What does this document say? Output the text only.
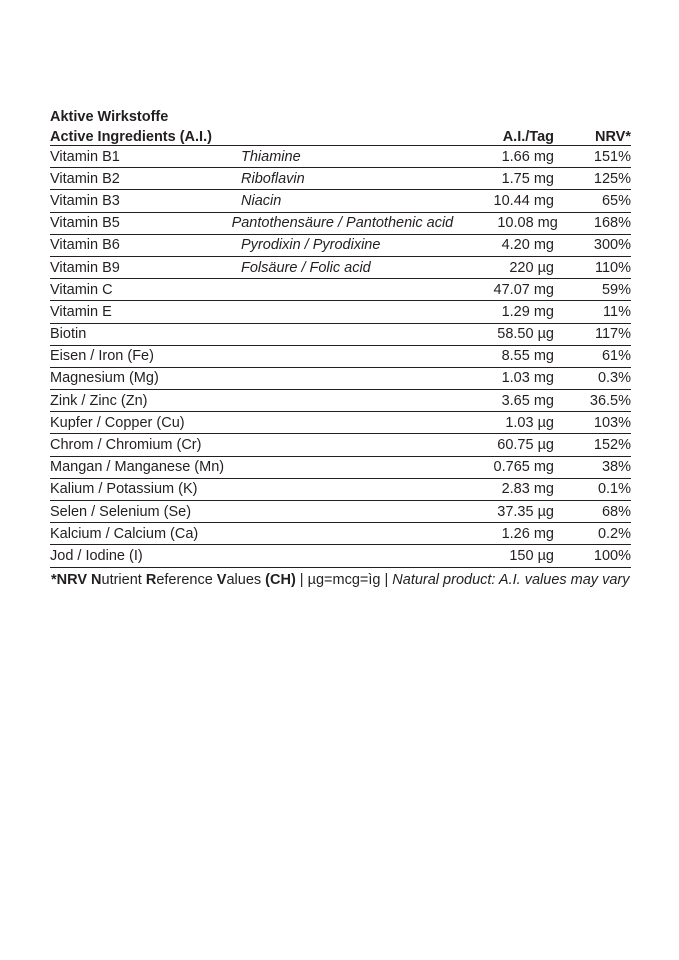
Aktive Wirkstoffe
Active Ingredients (A.I.)	A.I./Tag	NRV*
Vitamin B1	Thiamine	1.66 mg	151%
Vitamin B2	Riboflavin	1.75 mg	125%
Vitamin B3	Niacin	10.44 mg	65%
Vitamin B5	Pantothensäure / Pantothenic acid	10.08 mg	168%
Vitamin B6	Pyrodixin / Pyrodixine	4.20 mg	300%
Vitamin B9	Folsäure / Folic acid	220 µg	110%
Vitamin C	47.07 mg	59%
Vitamin E	1.29 mg	11%
Biotin	58.50 µg	117%
Eisen / Iron (Fe)	8.55 mg	61%
Magnesium (Mg)	1.03 mg	0.3%
Zink / Zinc (Zn)	3.65 mg	36.5%
Kupfer / Copper (Cu)	1.03 µg	103%
Chrom / Chromium (Cr)	60.75 µg	152%
Mangan / Manganese (Mn)	0.765 mg	38%
Kalium / Potassium (K)	2.83 mg	0.1%
Selen / Selenium (Se)	37.35 µg	68%
Kalcium / Calcium (Ca)	1.26 mg	0.2%
Jod / Iodine (I)	150 µg	100%
*NRV Nutrient Reference Values (CH) | µg=mcg=ìg | Natural product: A.I. values may vary
